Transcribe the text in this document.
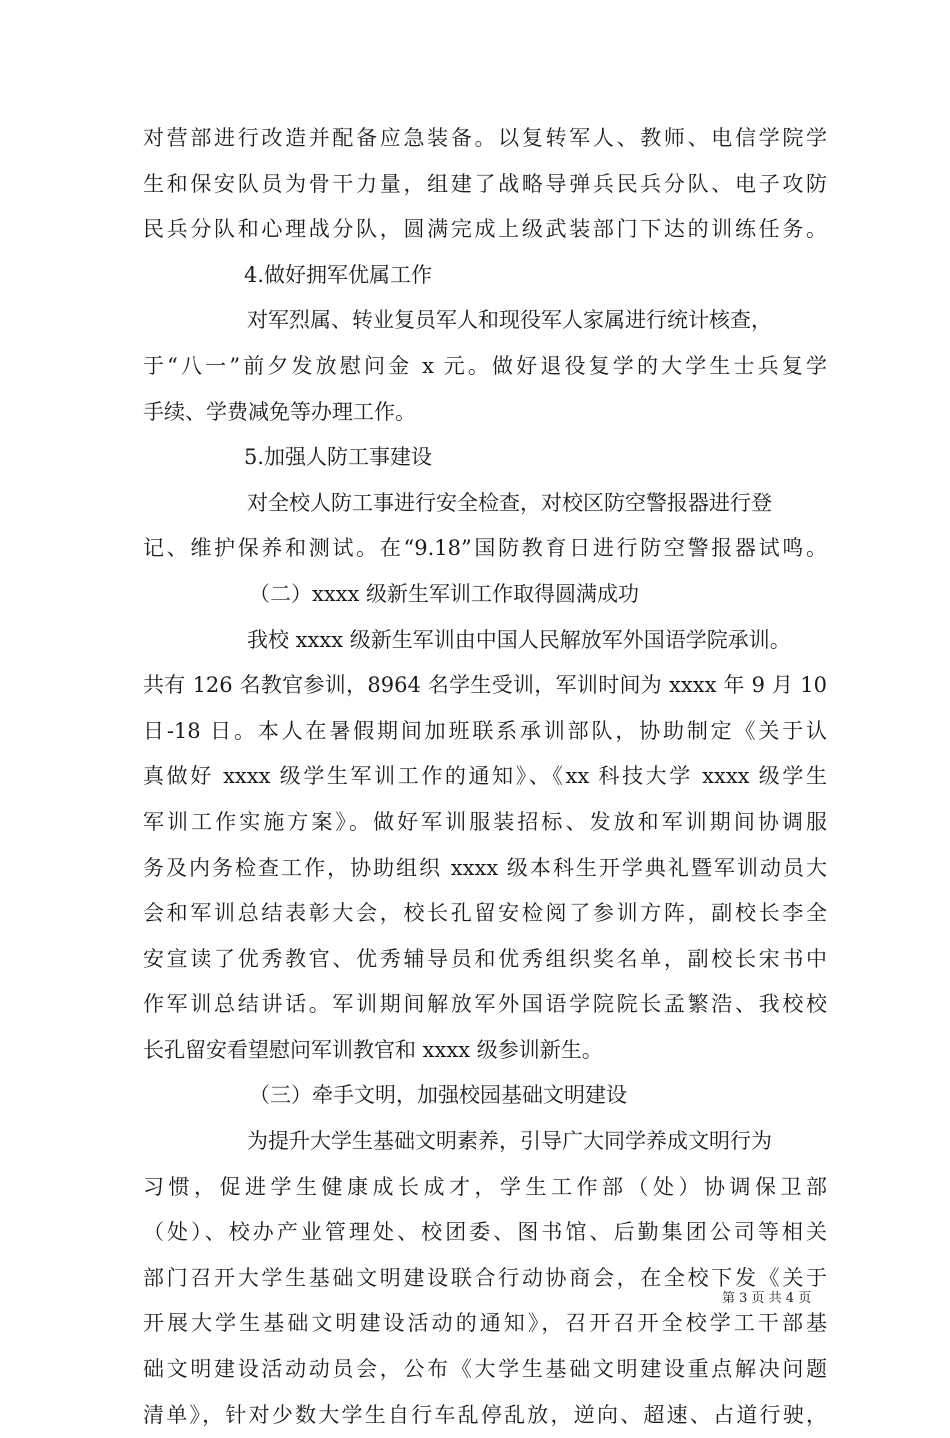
对营部进行改造并配备应急装备。以复转军人、教师、电信学院学
生和保安队员为骨干力量，组建了战略导弹兵民兵分队、电子攻防
民兵分队和心理战分队，圆满完成上级武装部门下达的训练任务。
4.做好拥军优属工作
对军烈属、转业复员军人和现役军人家属进行统计核查，
于“八一”前夕发放慰问金 x 元。做好退役复学的大学生士兵复学
手续、学费减免等办理工作。
5.加强人防工事建设
对全校人防工事进行安全检查，对校区防空警报器进行登
记、维护保养和测试。在“9.18”国防教育日进行防空警报器试鸣。
（二）xxxx 级新生军训工作取得圆满成功
我校 xxxx 级新生军训由中国人民解放军外国语学院承训。
共有 126 名教官参训，8964 名学生受训，军训时间为 xxxx 年 9 月 10
日-18 日。本人在暑假期间加班联系承训部队，协助制定《关于认
真做好 xxxx 级学生军训工作的通知》、《xx 科技大学 xxxx 级学生
军训工作实施方案》。做好军训服装招标、发放和军训期间协调服
务及内务检查工作，协助组织 xxxx 级本科生开学典礼暨军训动员大
会和军训总结表彰大会，校长孔留安检阅了参训方阵，副校长李全
安宣读了优秀教官、优秀辅导员和优秀组织奖名单，副校长宋书中
作军训总结讲话。军训期间解放军外国语学院院长孟繁浩、我校校
长孔留安看望慰问军训教官和 xxxx 级参训新生。
（三）牵手文明，加强校园基础文明建设
为提升大学生基础文明素养，引导广大同学养成文明行为
习惯，促进学生健康成长成才，学生工作部（处）协调保卫部
（处）、校办产业管理处、校团委、图书馆、后勤集团公司等相关
部门召开大学生基础文明建设联合行动协商会，在全校下发《关于
开展大学生基础文明建设活动的通知》，召开召开全校学工干部基
础文明建设活动动员会，公布《大学生基础文明建设重点解决问题
清单》，针对少数大学生自行车乱停乱放，逆向、超速、占道行驶，
第 3 页 共 4 页
